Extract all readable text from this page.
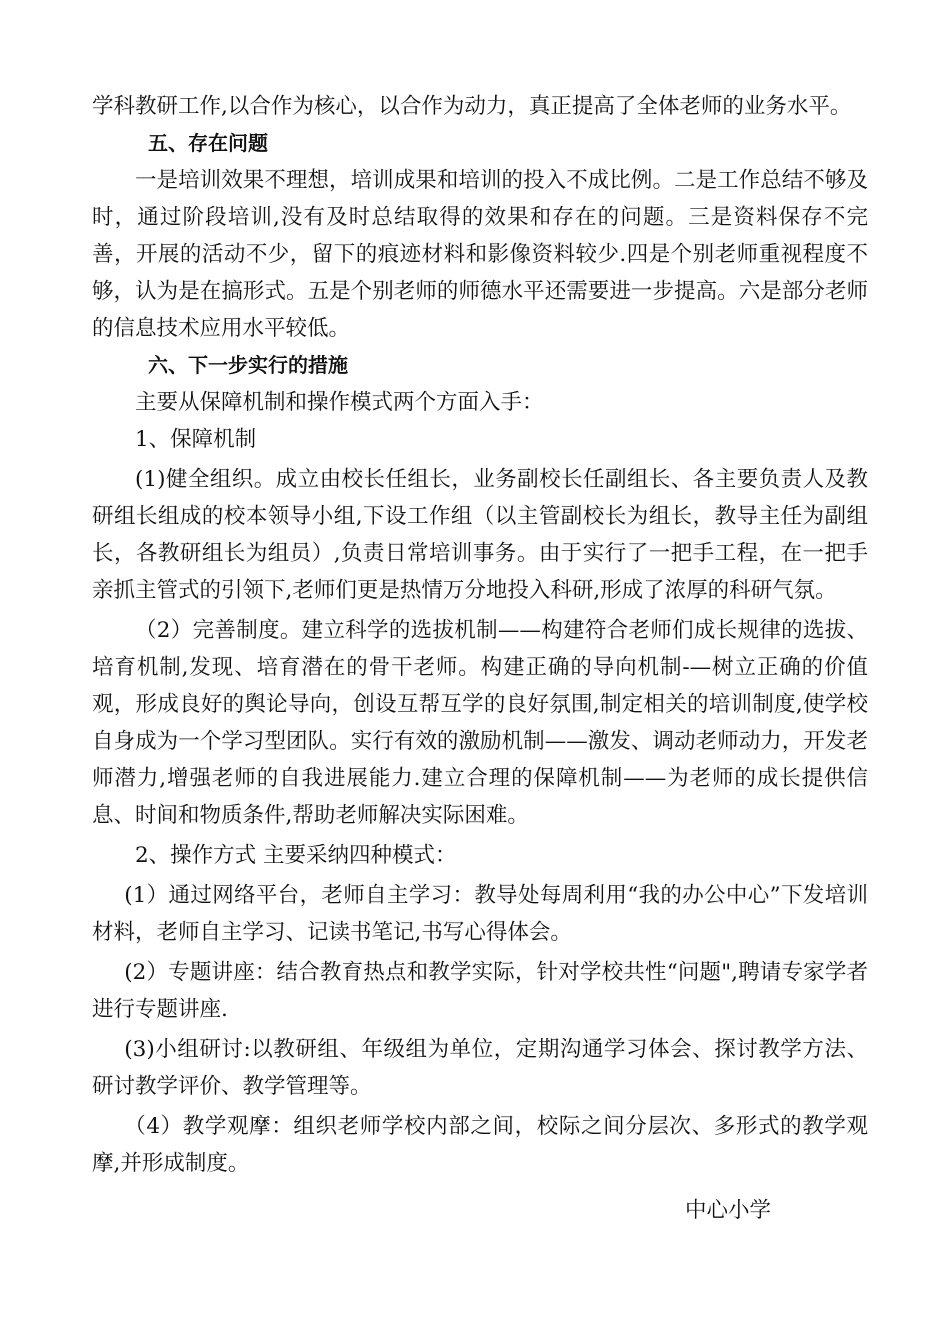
学科教研工作,以合作为核心，以合作为动力，真正提高了全体老师的业务水平。

五、存在问题

一是培训效果不理想，培训成果和培训的投入不成比例。二是工作总结不够及时，通过阶段培训,没有及时总结取得的效果和存在的问题。三是资料保存不完善，开展的活动不少，留下的痕迹材料和影像资料较少.四是个别老师重视程度不够，认为是在搞形式。五是个别老师的师德水平还需要进一步提高。六是部分老师的信息技术应用水平较低。

六、下一步实行的措施

主要从保障机制和操作模式两个方面入手：

1、保障机制

(1)健全组织。成立由校长任组长，业务副校长任副组长、各主要负责人及教研组长组成的校本领导小组,下设工作组（以主管副校长为组长，教导主任为副组长，各教研组长为组员）,负责日常培训事务。由于实行了一把手工程，在一把手亲抓主管式的引领下,老师们更是热情万分地投入科研,形成了浓厚的科研气氛。

（2）完善制度。建立科学的选拔机制——构建符合老师们成长规律的选拔、培育机制,发现、培育潜在的骨干老师。构建正确的导向机制-—树立正确的价值观，形成良好的舆论导向，创设互帮互学的良好氛围,制定相关的培训制度,使学校自身成为一个学习型团队。实行有效的激励机制——激发、调动老师动力，开发老师潜力,增强老师的自我进展能力.建立合理的保障机制——为老师的成长提供信息、时间和物质条件,帮助老师解决实际困难。

2、操作方式 主要采纳四种模式：

(1）通过网络平台，老师自主学习：教导处每周利用“我的办公中心”下发培训材料，老师自主学习、记读书笔记,书写心得体会。

(2）专题讲座：结合教育热点和教学实际，针对学校共性“问题",聘请专家学者进行专题讲座.

(3)小组研讨:以教研组、年级组为单位，定期沟通学习体会、探讨教学方法、研讨教学评价、教学管理等。

（4）教学观摩：组织老师学校内部之间，校际之间分层次、多形式的教学观摩,并形成制度。

中心小学
